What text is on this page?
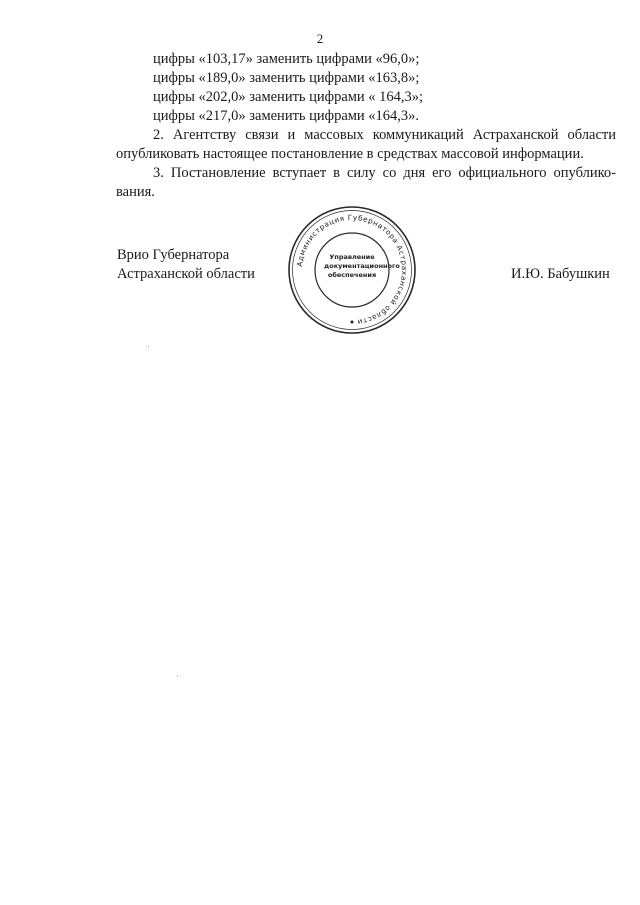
2
цифры «103,17» заменить цифрами «96,0»;
цифры «189,0» заменить цифрами «163,8»;
цифры «202,0» заменить цифрами « 164,3»;
цифры «217,0» заменить цифрами «164,3».

2. Агентству связи и массовых коммуникаций Астраханской области опубликовать настоящее постановление в средствах массовой информации.

3. Постановление вступает в силу со дня его официального опублико-вания.

Врио Губернатора
Астраханской области
Администрация Губернатора Астраханской области
Управление
документационного
обеспечения	И.Ю. Бабушкин
